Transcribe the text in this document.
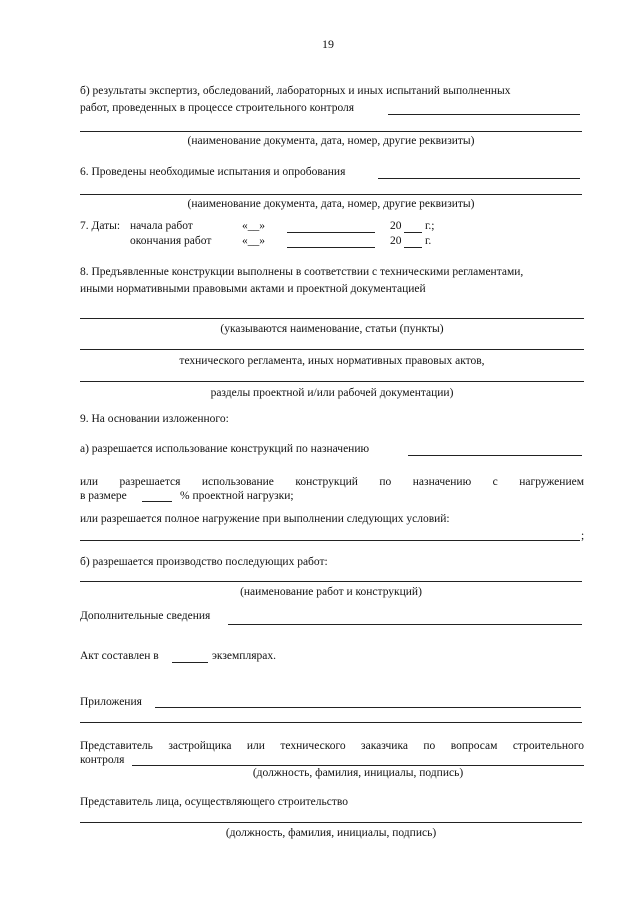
19
б) результаты экспертиз, обследований, лабораторных и иных испытаний выполненных
работ, проведенных в процессе строительного контроля
(наименование документа, дата, номер, другие реквизиты)
6. Проведены необходимые испытания и опробования
(наименование документа, дата, номер, другие реквизиты)
7. Даты: начала работ	«__»	20 г.;
окончания работ	«__»	20 г.
8. Предъявленные конструкции выполнены в соответствии с техническими регламентами,
иными нормативными правовыми актами и проектной документацией
(указываются наименование, статьи (пункты)
технического регламента, иных нормативных правовых актов,
разделы проектной и/или рабочей документации)
9. На основании изложенного:
а) разрешается использование конструкций по назначению
или разрешается использование конструкций по назначению с нагружением
в размере	% проектной нагрузки;
или разрешается полное нагружение при выполнении следующих условий:
;
б) разрешается производство последующих работ:
(наименование работ и конструкций)
Дополнительные сведения
Акт составлен в	экземплярах.
Приложения
Представитель застройщика или технического заказчика по вопросам строительного
контроля
(должность, фамилия, инициалы, подпись)
Представитель лица, осуществляющего строительство
(должность, фамилия, инициалы, подпись)
